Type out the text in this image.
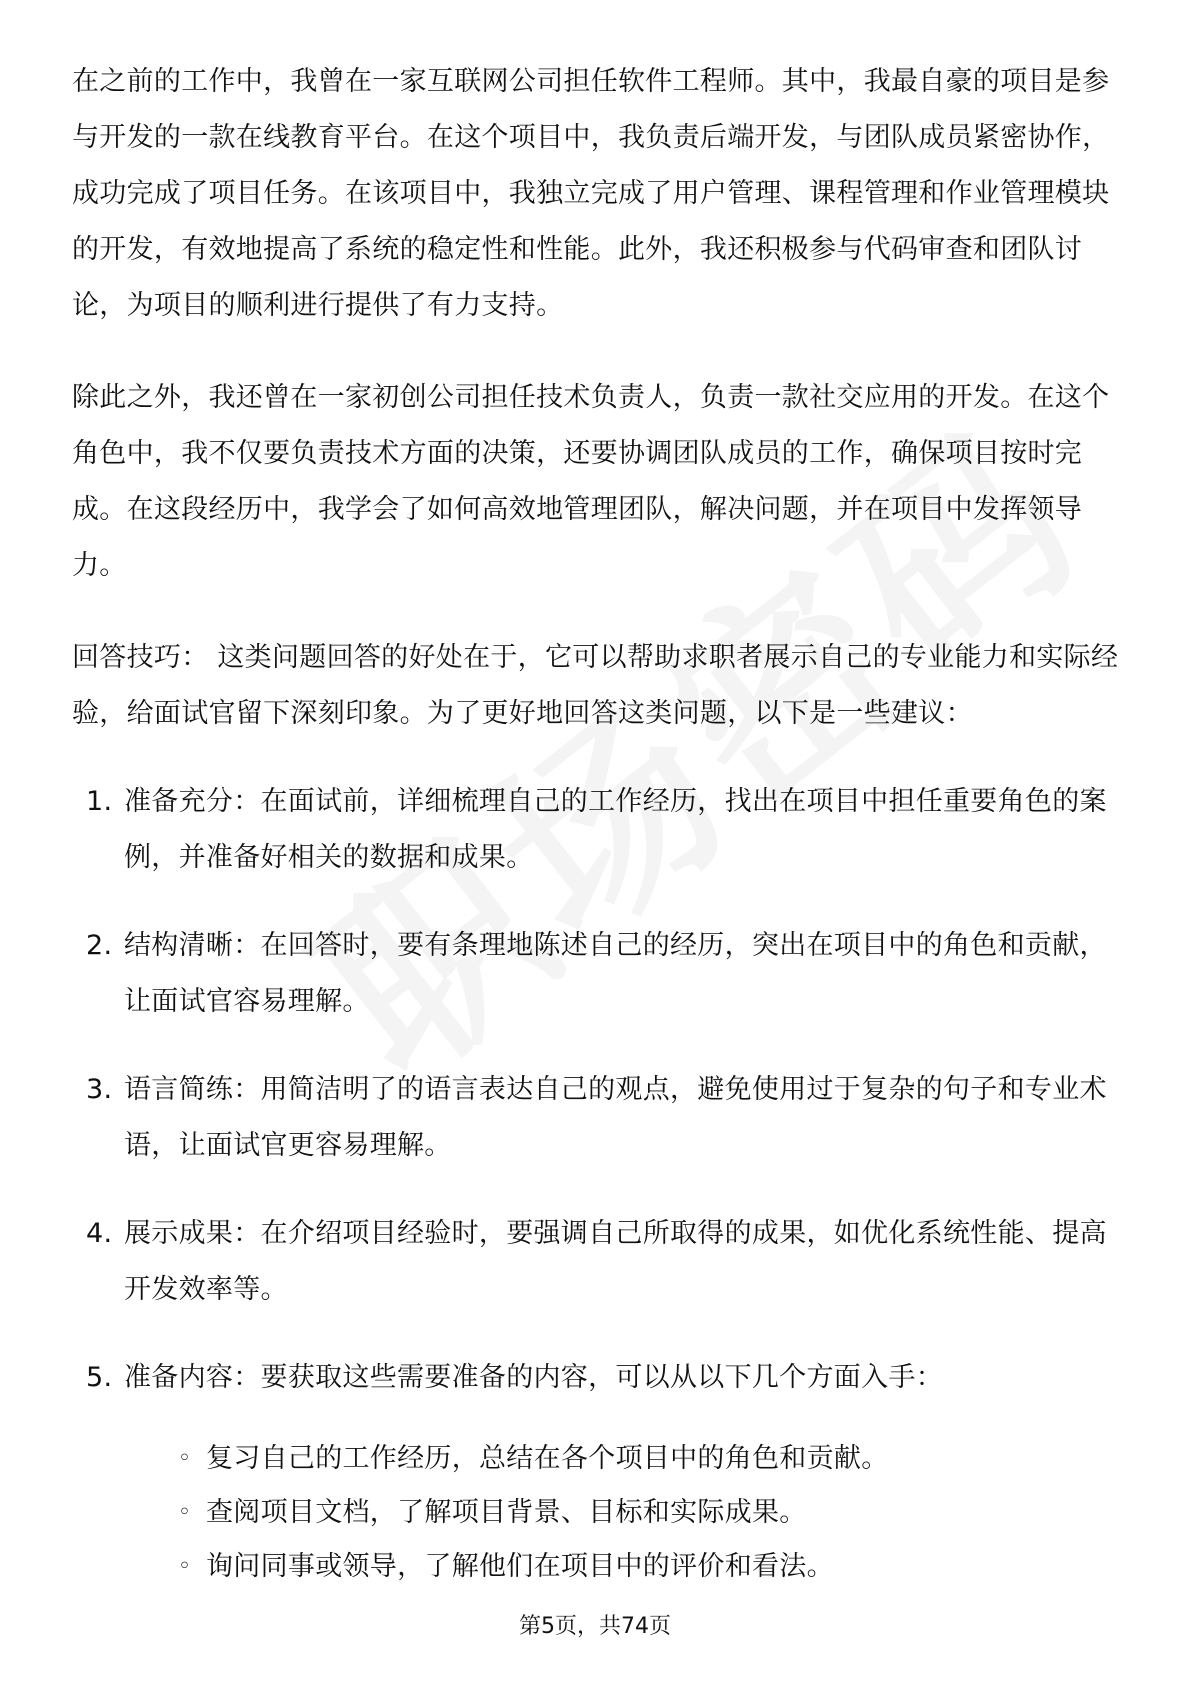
在之前的工作中，我曾在一家互联网公司担任软件工程师。其中，我最自豪的项目是参与开发的一款在线教育平台。在这个项目中，我负责后端开发，与团队成员紧密协作，成功完成了项目任务。在该项目中，我独立完成了用户管理、课程管理和作业管理模块的开发，有效地提高了系统的稳定性和性能。此外，我还积极参与代码审查和团队讨论，为项目的顺利进行提供了有力支持。

除此之外，我还曾在一家初创公司担任技术负责人，负责一款社交应用的开发。在这个角色中，我不仅要负责技术方面的决策，还要协调团队成员的工作，确保项目按时完成。在这段经历中，我学会了如何高效地管理团队，解决问题，并在项目中发挥领导力。

回答技巧： 这类问题回答的好处在于，它可以帮助求职者展示自己的专业能力和实际经验，给面试官留下深刻印象。为了更好地回答这类问题，以下是一些建议：

1. 准备充分：在面试前，详细梳理自己的工作经历，找出在项目中担任重要角色的案例，并准备好相关的数据和成果。
2. 结构清晰：在回答时，要有条理地陈述自己的经历，突出在项目中的角色和贡献，让面试官容易理解。
3. 语言简练：用简洁明了的语言表达自己的观点，避免使用过于复杂的句子和专业术语，让面试官更容易理解。
4. 展示成果：在介绍项目经验时，要强调自己所取得的成果，如优化系统性能、提高开发效率等。
5. 准备内容：要获取这些需要准备的内容，可以从以下几个方面入手：
◦ 复习自己的工作经历，总结在各个项目中的角色和贡献。
◦ 查阅项目文档，了解项目背景、目标和实际成果。
◦ 询问同事或领导，了解他们在项目中的评价和看法。
第5页，共74页
